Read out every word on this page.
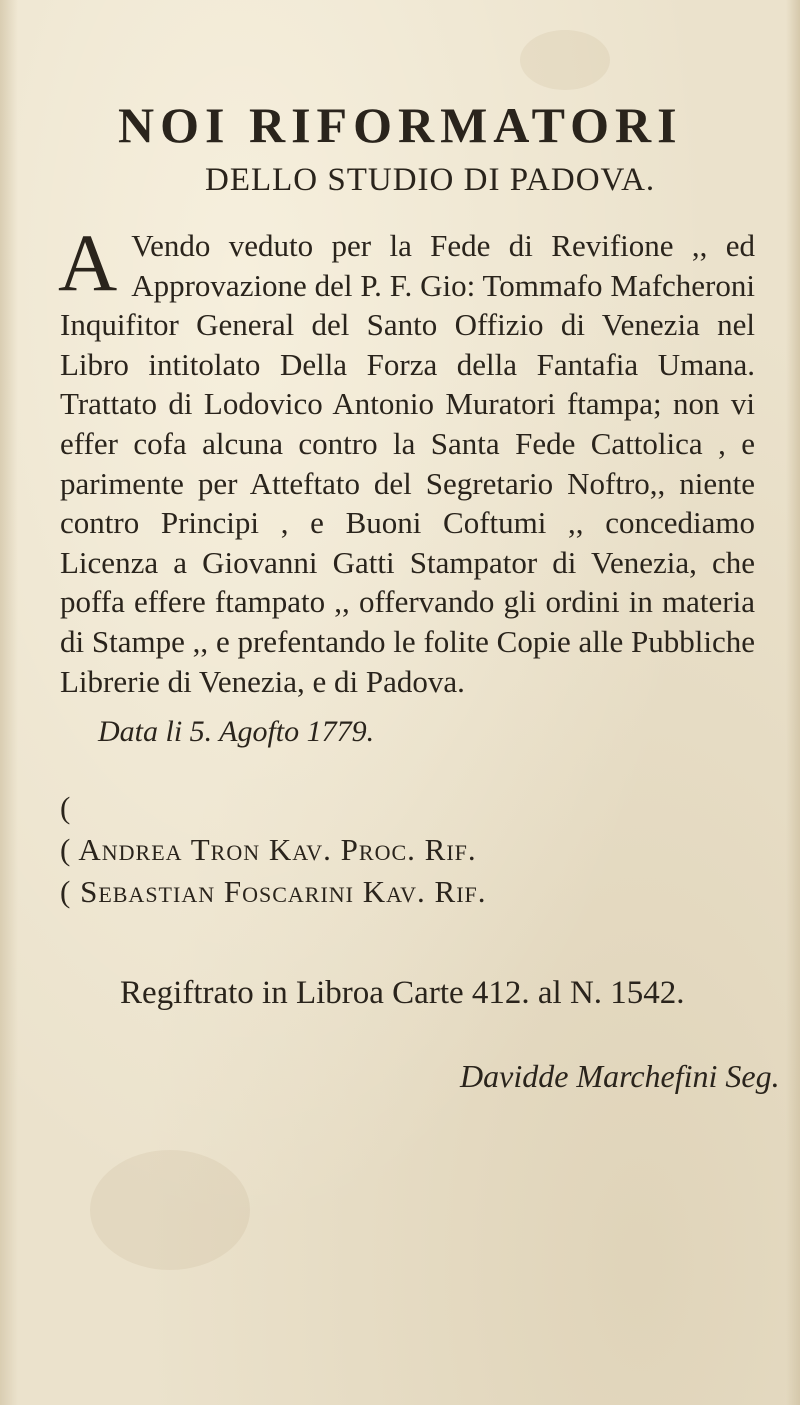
NOI RIFORMATORI
DELLO STUDIO DI PADOVA.
A Vendo veduto per la Fede di Revifione ,, ed Approvazione del P. F. Gio: Tommafo Mafcheroni Inquifitor General del Santo Offizio di Venezia nel Libro intitolato Della Forza della Fantafia Umana. Trattato di Lodovico Antonio Muratori ftampa; non vi effer cofa alcuna contro la Santa Fede Cattolica , e parimente per Atteftato del Segretario Noftro,, niente contro Principi , e Buoni Coftumi ,, concediamo Licenza a Giovanni Gatti Stampator di Venezia, che poffa effere ftampato ,, offervando gli ordini in materia di Stampe ,, e prefentando le folite Copie alle Pubbliche Librerie di Venezia, e di Padova.
Data li 5. Agofto 1779.
(
( Andrea Tron Kav. Proc. Rif.
( Sebastian Foscarini Kav. Rif.
Regiftrato in Libroa Carte 412. al N. 1542.
Davidde Marchefini Seg.
